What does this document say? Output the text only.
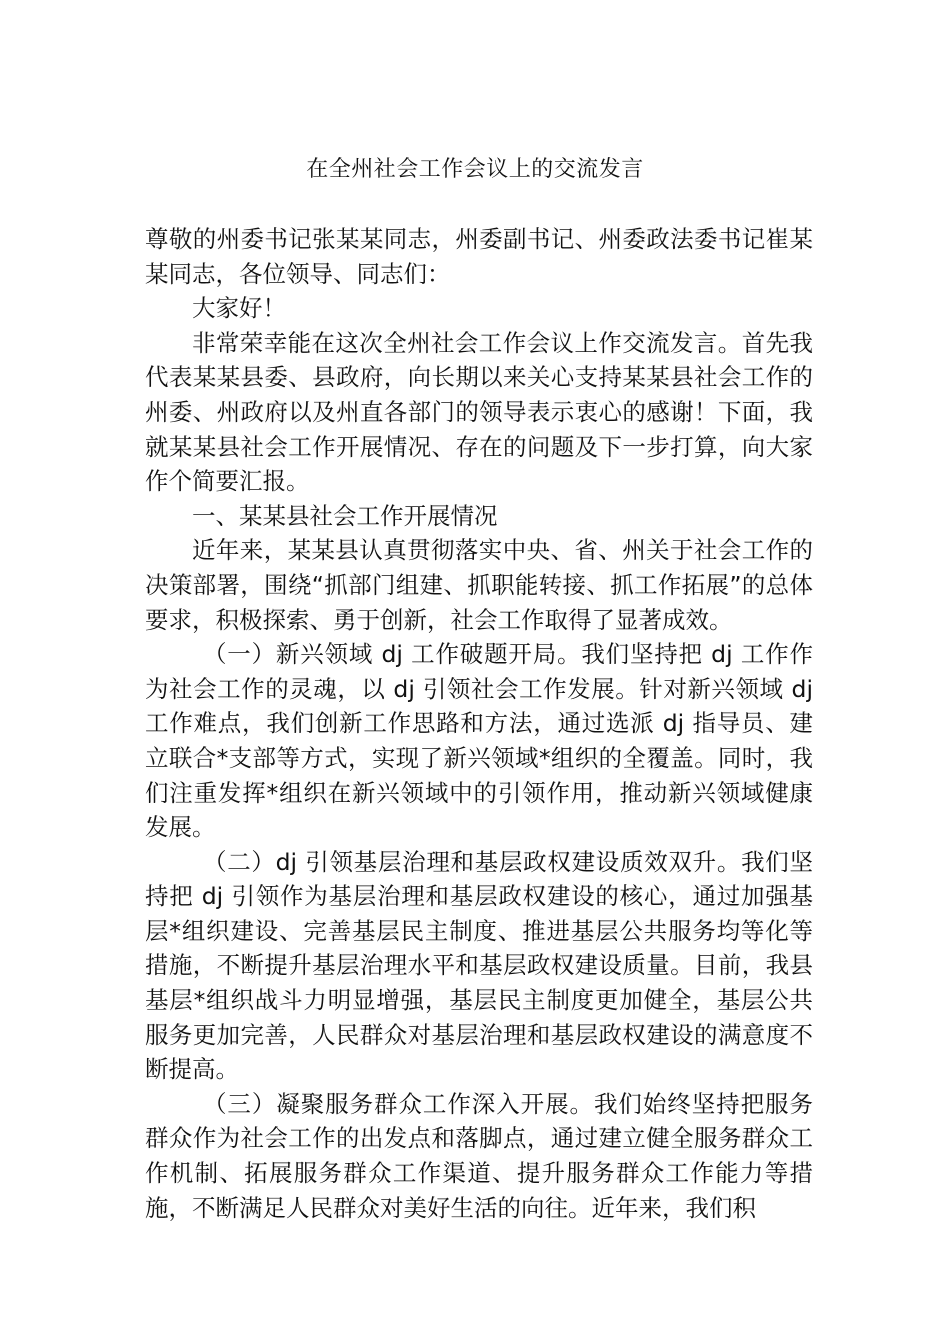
在全州社会工作会议上的交流发言

尊敬的州委书记张某某同志，州委副书记、州委政法委书记崔某某同志，各位领导、同志们：

大家好！

非常荣幸能在这次全州社会工作会议上作交流发言。首先我代表某某县委、县政府，向长期以来关心支持某某县社会工作的州委、州政府以及州直各部门的领导表示衷心的感谢！下面，我就某某县社会工作开展情况、存在的问题及下一步打算，向大家作个简要汇报。

一、某某县社会工作开展情况

近年来，某某县认真贯彻落实中央、省、州关于社会工作的决策部署，围绕“抓部门组建、抓职能转接、抓工作拓展”的总体要求，积极探索、勇于创新，社会工作取得了显著成效。

（一）新兴领域 dj 工作破题开局。我们坚持把 dj 工作作为社会工作的灵魂，以 dj 引领社会工作发展。针对新兴领域 dj 工作难点，我们创新工作思路和方法，通过选派 dj 指导员、建立联合*支部等方式，实现了新兴领域*组织的全覆盖。同时，我们注重发挥*组织在新兴领域中的引领作用，推动新兴领域健康发展。

（二）dj 引领基层治理和基层政权建设质效双升。我们坚持把 dj 引领作为基层治理和基层政权建设的核心，通过加强基层*组织建设、完善基层民主制度、推进基层公共服务均等化等措施，不断提升基层治理水平和基层政权建设质量。目前，我县基层*组织战斗力明显增强，基层民主制度更加健全，基层公共服务更加完善，人民群众对基层治理和基层政权建设的满意度不断提高。

（三）凝聚服务群众工作深入开展。我们始终坚持把服务群众作为社会工作的出发点和落脚点，通过建立健全服务群众工作机制、拓展服务群众工作渠道、提升服务群众工作能力等措施，不断满足人民群众对美好生活的向往。近年来，我们积
